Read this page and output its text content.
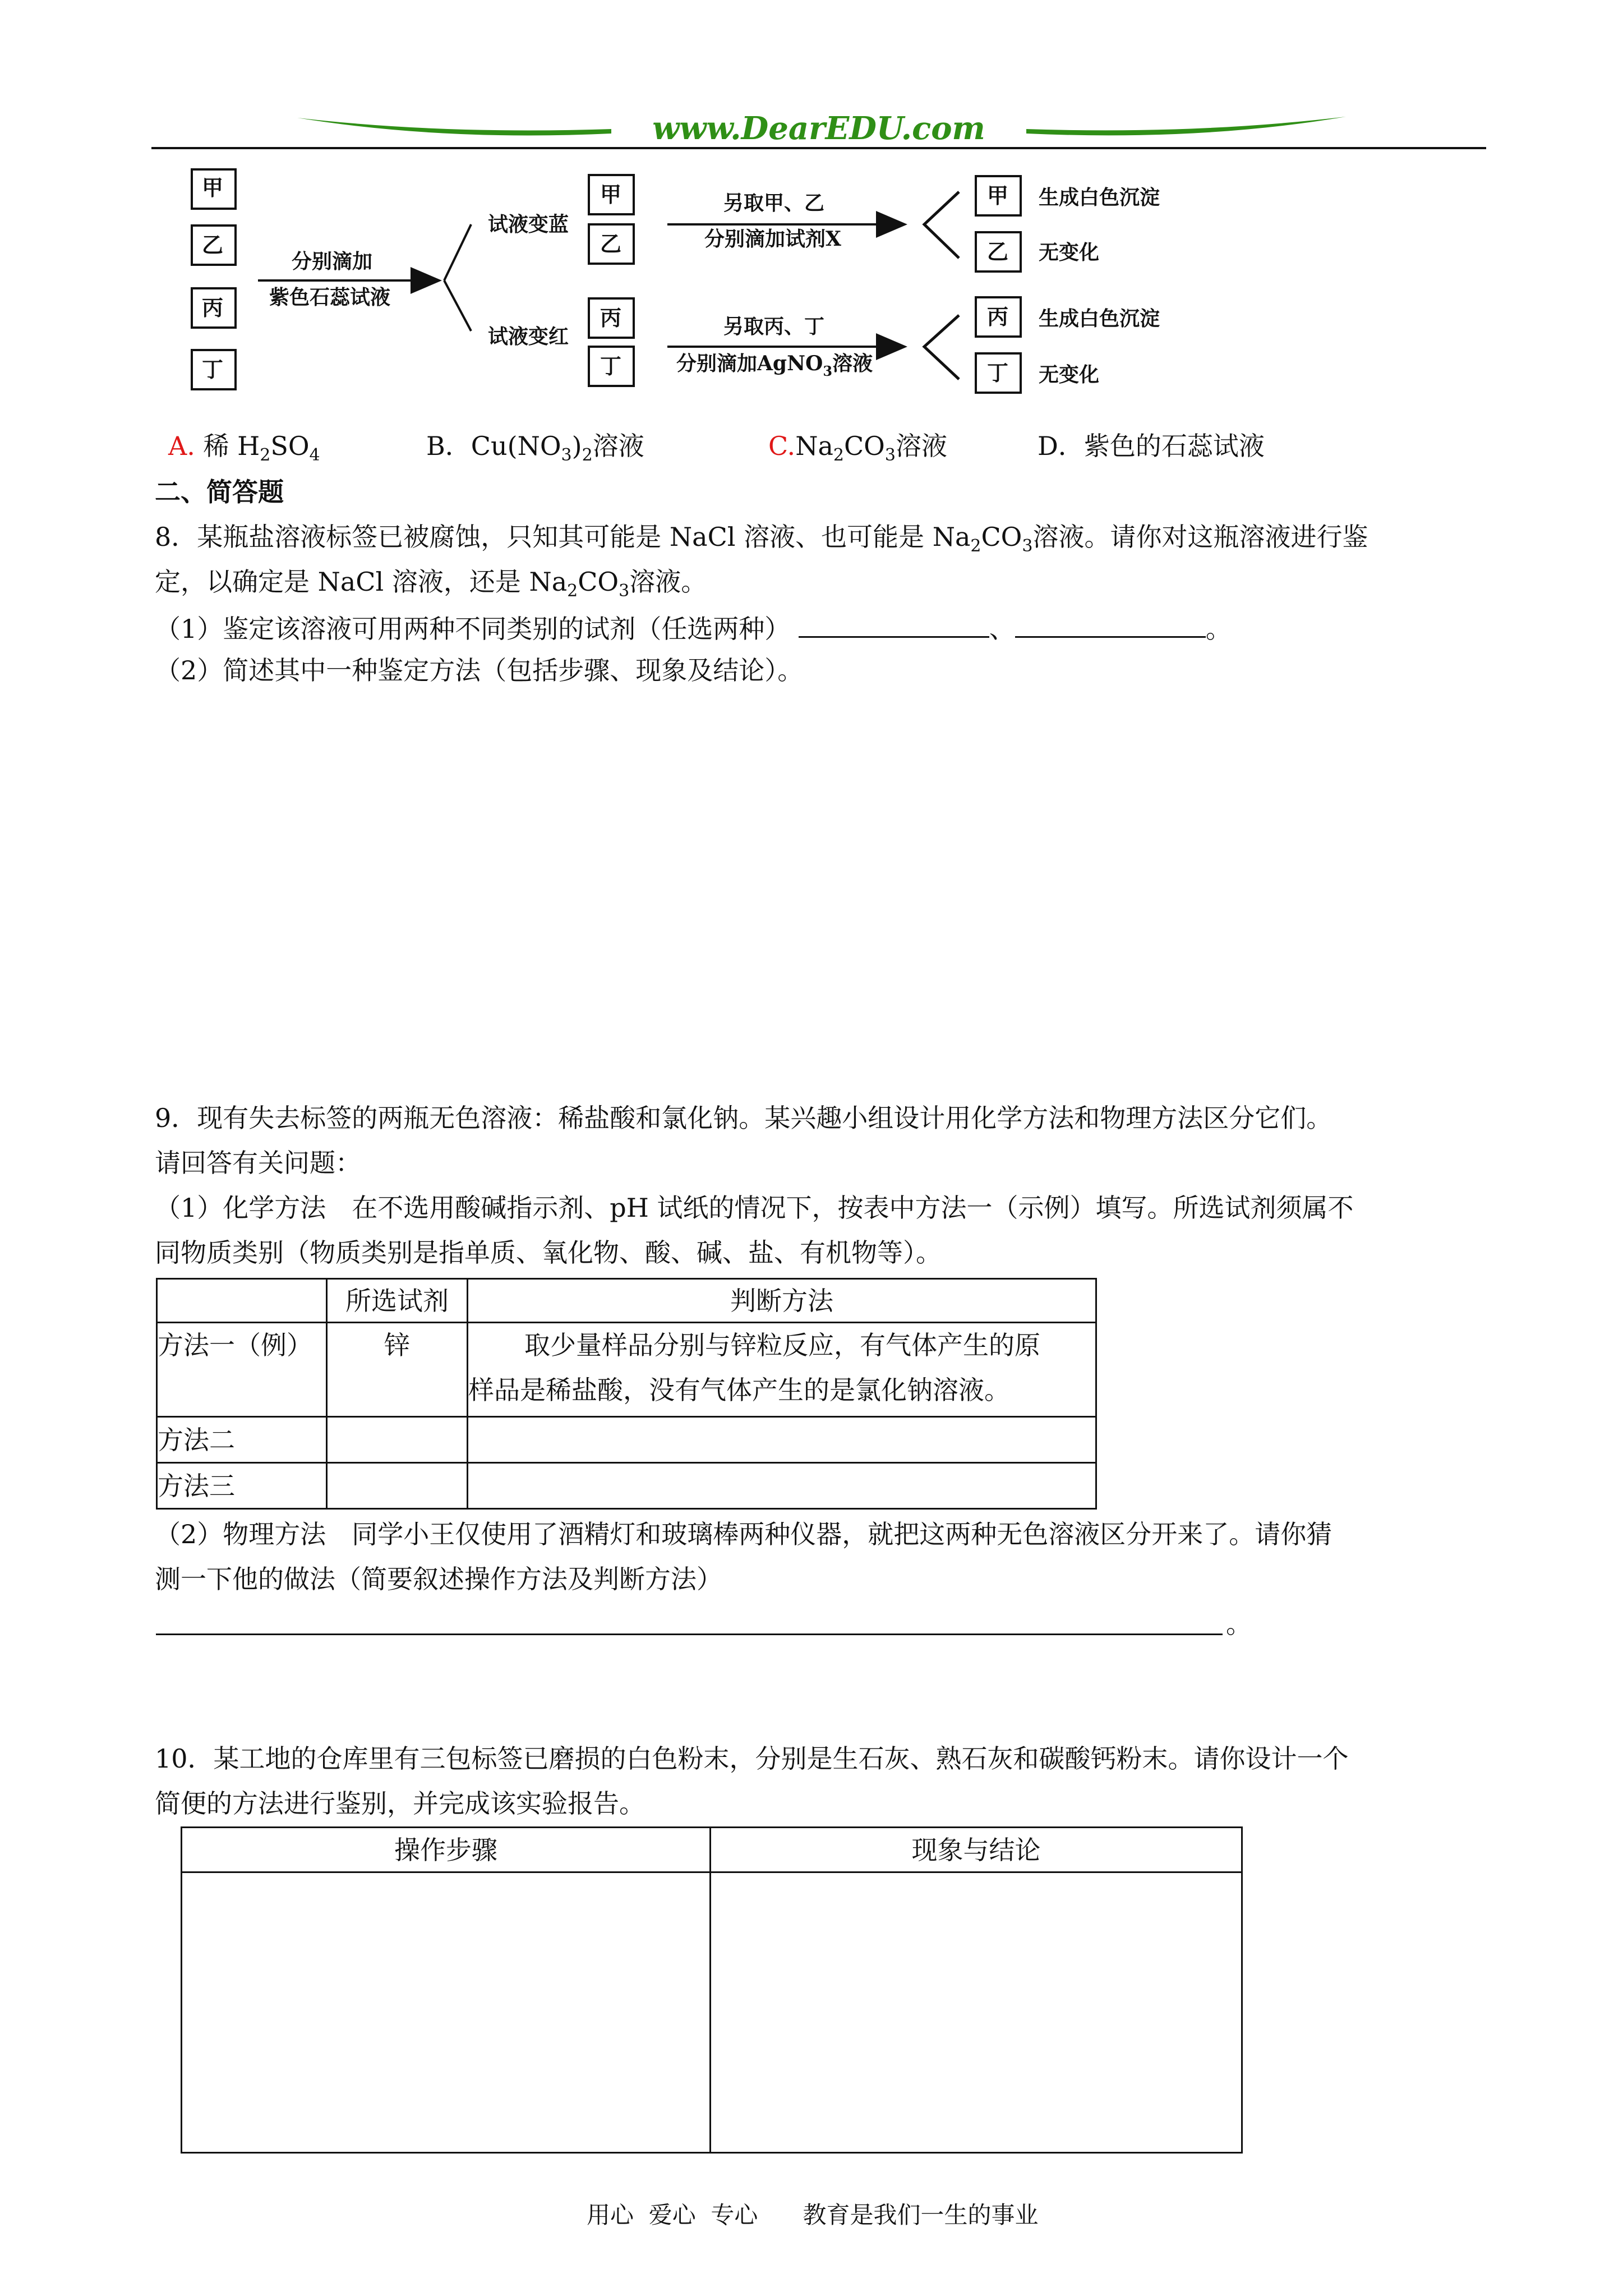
www.DearEDU.com
甲
乙
丙
丁
分别滴加
紫色石蕊试液
试液变蓝
试液变红
甲
乙
丙
丁
另取甲、乙
分别滴加试剂X
另取丙、丁
分别滴加AgNO$_3$溶液
甲 生成白色沉淀
乙 无变化
丙 生成白色沉淀
丁 无变化
A. 稀 $H_2SO_4$	B．$Cu(NO_3)_2$溶液	$C.Na_2CO_3$溶液	D．紫色的石蕊试液
二、简答题
8．某瓶盐溶液标签已被腐蚀，只知其可能是 NaCl 溶液、也可能是 $Na_2CO_3$溶液。请你对这瓶溶液进行鉴
定，以确定是 NaCl 溶液，还是 $Na_2CO_3$溶液。
（1）鉴定该溶液可用两种不同类别的试剂（任选两种）	、	。
（2）简述其中一种鉴定方法（包括步骤、现象及结论）。
9．现有失去标签的两瓶无色溶液：稀盐酸和氯化钠。某兴趣小组设计用化学方法和物理方法区分它们。
请回答有关问题：
（1）化学方法　在不选用酸碱指示剂、pH 试纸的情况下，按表中方法一（示例）填写。所选试剂须属不
同物质类别（物质类别是指单质、氧化物、酸、碱、盐、有机物等）。
	所选试剂	判断方法
方法一（例）	锌	取少量样品分别与锌粒反应，有气体产生的原
样品是稀盐酸，没有气体产生的是氯化钠溶液。

方法二		
方法三		
（2）物理方法　同学小王仅使用了酒精灯和玻璃棒两种仪器，就把这两种无色溶液区分开来了。请你猜
测一下他的做法（简要叙述操作方法及判断方法）
。
10．某工地的仓库里有三包标签已磨损的白色粉末，分别是生石灰、熟石灰和碳酸钙粉末。请你设计一个
简便的方法进行鉴别，并完成该实验报告。
操作步骤	现象与结论

用心  爱心  专心      教育是我们一生的事业
